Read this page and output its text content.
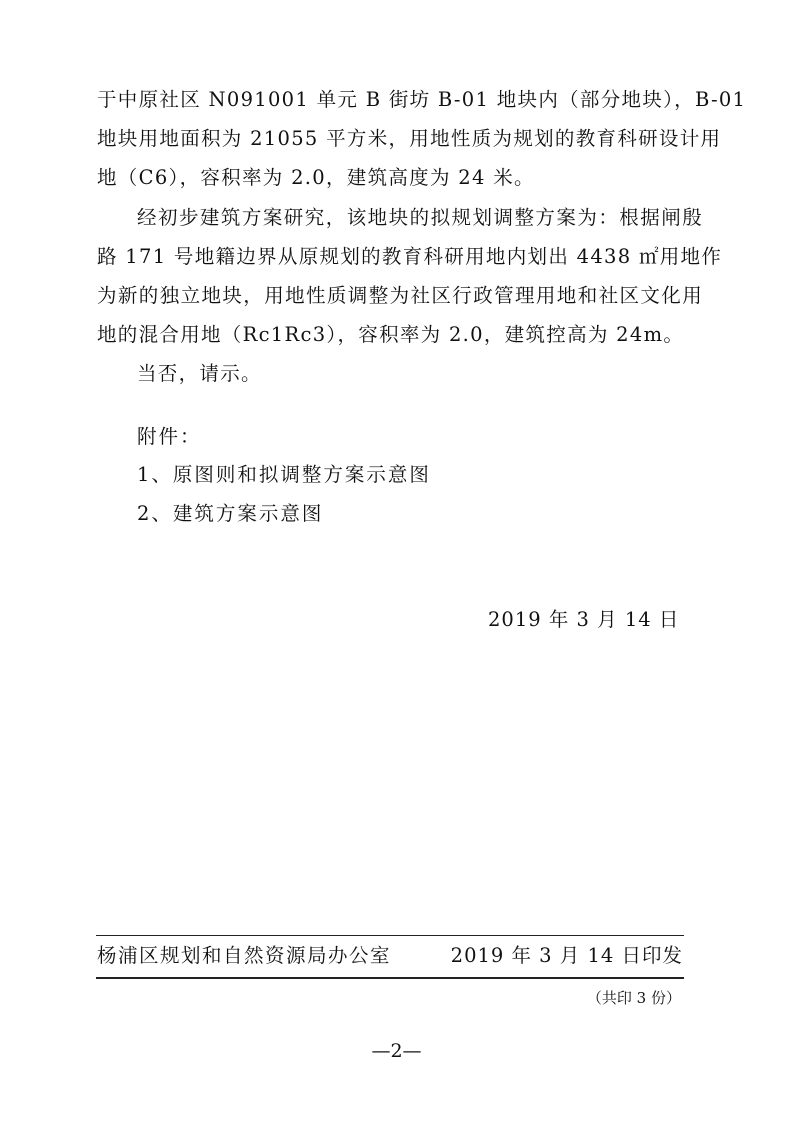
于中原社区 N091001 单元 B 街坊 B-01 地块内（部分地块），B-01
地块用地面积为 21055 平方米，用地性质为规划的教育科研设计用
地（C6），容积率为 2.0，建筑高度为 24 米。
经初步建筑方案研究，该地块的拟规划调整方案为：根据闸殷
路 171 号地籍边界从原规划的教育科研用地内划出 4438 ㎡用地作
为新的独立地块，用地性质调整为社区行政管理用地和社区文化用
地的混合用地（Rc1Rc3），容积率为 2.0，建筑控高为 24m。
当否，请示。
附件：
1、原图则和拟调整方案示意图
2、建筑方案示意图
2019 年 3 月 14 日
杨浦区规划和自然资源局办公室	2019 年 3 月 14 日印发
（共印 3 份）
—2—
